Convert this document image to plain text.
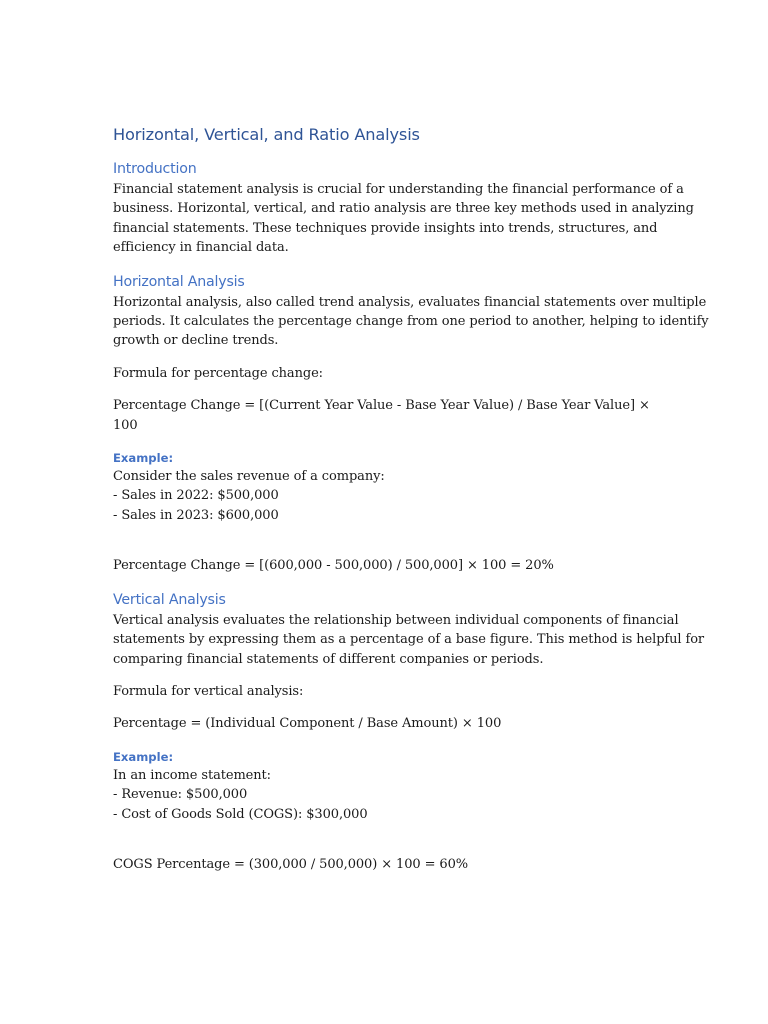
Horizontal, Vertical, and Ratio Analysis
Introduction
Financial statement analysis is crucial for understanding the financial performance of a
business. Horizontal, vertical, and ratio analysis are three key methods used in analyzing
financial statements. These techniques provide insights into trends, structures, and
efficiency in financial data.
Horizontal Analysis
Horizontal analysis, also called trend analysis, evaluates financial statements over multiple
periods. It calculates the percentage change from one period to another, helping to identify
growth or decline trends.

Formula for percentage change:

Percentage Change = [(Current Year Value - Base Year Value) / Base Year Value] × 100

Example:
Consider the sales revenue of a company:
- Sales in 2022: $500,000
- Sales in 2023: $600,000

Percentage Change = [(600,000 - 500,000) / 500,000] × 100 = 20%

Vertical Analysis
Vertical analysis evaluates the relationship between individual components of financial
statements by expressing them as a percentage of a base figure. This method is helpful for
comparing financial statements of different companies or periods.

Formula for vertical analysis:

Percentage = (Individual Component / Base Amount) × 100

Example:
In an income statement:
- Revenue: $500,000
- Cost of Goods Sold (COGS): $300,000

COGS Percentage = (300,000 / 500,000) × 100 = 60%
